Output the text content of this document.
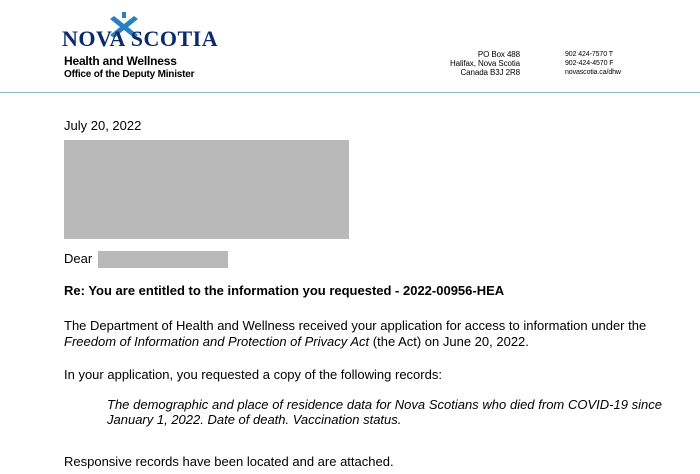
NOVA SCOTIA
Health and Wellness
Office of the Deputy Minister
PO Box 488
Halifax, Nova Scotia
Canada B3J 2R8
902 424-7570 T
902-424-4570 F
novascotia.ca/dhw
July 20, 2022
Dear
Re: You are entitled to the information you requested - 2022-00956-HEA
The Department of Health and Wellness received your application for access to information under the Freedom of Information and Protection of Privacy Act (the Act) on June 20, 2022.
In your application, you requested a copy of the following records:
The demographic and place of residence data for Nova Scotians who died from COVID-19 since January 1, 2022. Date of death. Vaccination status.
Responsive records have been located and are attached.
